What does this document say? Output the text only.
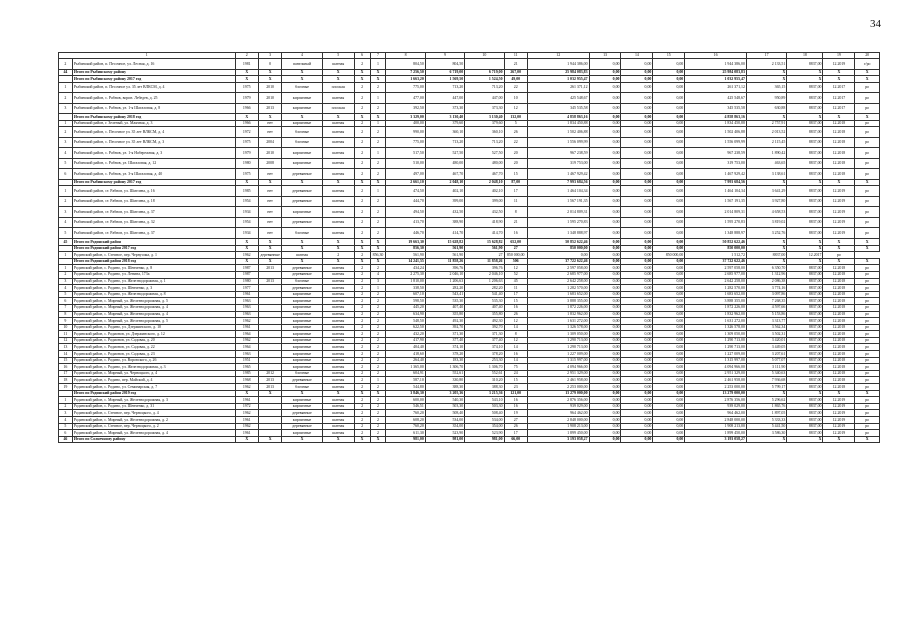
34
1		2	3	4	5	6	7	8	9	10	11	12	13	14	15	16	17	18	19	20
2	Рыбинский район, п. Песочное, ул. Лесная, д. 16	1981	0	панельный	шатная	2	1	804,50	804,50		21	1 944 386,00	0,00	0,00	0,00	1 944 386,00	2 133,51	8837,00	12.2019	г/ро
44	Итого по Рыбинскому району	X	X	X	X	X	X	7 256,50	6 719,00	6 719,00	267,00	25 984 083,83	0,00	0,00	0,00	25 984 083,83	X	X	X	X
	Итого по Рыбинскому району 2017 год	X	X	X	X	X	X	1 663,20	1 569,50	1 524,50	49,00	1 032 955,47	0,00	0,00	0,00	1 032 955,47	X	X	X	X
1	Рыбинский район, п. Песочное ул. 35 лет ВЛКСМ, д. 4	1975	2010	блочные	плоская	2	2	775,00	713,20	713,20	22	261 371,12	0,00	0,00	0,00	261 371,12	365,15	8837,00	12.2017	ро
2	Рыбинский район, с. Рабнов, ворон. Лебедев, д. 25	1979	2010	кирпичные	шатная	2	1	477,00	447,00	447,00	10	425 548,67	0,00	0,00	0,00	425 548,67	950,89	8837,00	12.2017	ро
3	Рыбинский район, с. Рабнов, ул. 1-я Шагаловая, д. 8	1966	2013	кирпичные	плоская	2	2	392,50	373,30	373,30	12	345 535,58	0,00	0,00	0,00	345 535,58	630,88	8837,00	12.2017	ро
	Итого по Рыбинскому району 2018 год	X	X	X	X	X	X	3 329,00	3 130,40	3 130,40	132,00	4 858 863,16	0,00	0,00	0,00	4 858 863,16	X	X	X	X
1	Рыбинский район, г. Зеленый, ул. Маячная, д. 3	1966	нет	кирпичные	шатная	2	1	400,00	379,60	379,60	5	1 834 450,88	0,00	0,00	0,00	1 834 450,88	2 757,91	8837,00	12.2018	ро
2	Рыбинский район, с. Песочное ул. 35 лет ВЛКСМ, д. 4	1972	нет	блочные	шатная	2	2	990,00	360,10	360,10	26	1 502 406,88	0,00	0,00	0,00	1 502 406,88	2 013,52	8837,00	12.2018	ро
3	Рыбинский район, с. Песочное ул. 35 лет ВЛКСМ, д. 3	1975	2004	блочные	шатная	2	2	775,00	713,20	713,20	22	1 556 099,99	0,00	0,00	0,00	1 556 099,99	2 115,45	8837,00	12.2018	ро
4	Рыбинский район, с. Рабнов, ул. 1-я Набережная, д. 3	1979	2010	кирпичные	шатная	2	1	517,50	527,50	527,50	20	967 238,59	0,00	0,00	0,00	967 238,59	1 890,42	8837,00	12.2018	ро
5	Рыбинский район, с. Рабнов, ул. Шагаловая, д. 12	1980	2008	кирпичные	шатная	2	2	510,00	480,00	480,00	20	319 753,00	0,00	0,00	0,00	319 753,00	463,65	8837,00	12.2018	ро
6	Рыбинский район, с. Рабнов, ул. 3-я Шагаловая, д. 40	1975	нет	деревянные	шатная	2	2	497,00	467,70	467,70	15	1 467 929,42	0,00	0,00	0,00	1 467 929,42	3 138,61	8837,00	12.2018	ро
	Итого по Рыбинскому району 2017 год	X	X	X	X	X	X	2 661,10	2 048,10	2 048,10	87,00	7 993 684,56	0,00	0,00	0,00	7 993 684,56	X	X	X	X
1	Рыбинский район, ст. Рабнов, ул. Шмелева, д. 16	1985	нет	деревянные	шатная	2	1	474,50	402,10	402,10	17	1 464 104,34	0,00	0,00	0,00	1 464 104,34	3 641,29	8837,00	12.2019	ро
2	Рыбинский район, ст. Рабнов, ул. Шмелева, д. 18	1954	нет	деревянные	шатная	2	2	444,70	399,00	399,00	11	1 567 191,35	0,00	0,00	0,00	1 567 191,35	3 927,80	8837,00	12.2019	ро
3	Рыбинский район, ст. Рабнов, ул. Шмелева, д. 37	1934	нет	кирпичные	шатная	2	2	494,50	432,50	432,50	8	2 014 809,31	0,00	0,00	0,00	2 014 809,31	4 658,53	8837,00	12.2019	ро
4	Рыбинский район, ст. Рабнов, ул. Шмелева, д. 32	1954	нет	деревянные	шатная	2	2	413,70	388,90	418,90	21	1 595 270,83	0,00	0,00	0,00	1 595 270,83	3 819,02	8837,00	12.2019	ро
5	Рыбинский район, ст. Рабнов, ул. Шмелева, д. 37	1934	нет	блочные	шатная	2	2	446,70	414,70	414,70	16	1 348 888,97	0,00	0,00	0,00	1 348 888,97	3 252,76	8837,00	12.2019	ро
45	Итого по Родинский район	X	X	X	X	X	X	19 663,30	15 628,82	15 628,82	652,00	50 852 622,46	0,00	0,00	0,00	50 852 622,46	X	X	X	X
	Итого по Родинский район 2017 год	X	X	X	X	X	X	856,30	561,90	561,90	27	850 000,00	0,00	0,00	0,00	850 000,00	X	X	X	X
1	Родинский район, с. Степное, пер. Чернусика, д. 1	1962	деревянные	шатная	2	2	856,30	561,90	561,90	27	850 000,00	0,00	0,00	0,00	850 000,00	1 512,72	8837,00	12.2017	ро	
	Итого по Родинский район 2018 год	X	X	X	X	X	X	14 241,55	11 858,26	11 858,26	506	37 722 622,46	0,00	0,00	0,00	37 722 622,46	X	X	X	X
1	Родинский район, с. Родино, ул. Шевченко, д. 8	1987	2013	деревянные	шатная	2	2	434,24	396,76	396,76	12	2 597 058,00	0,00	0,00	0,00	2 597 058,00	6 350,70	8837,00	12.2018	ро
2	Родинский район, с. Родино, ул. Ленина, 173а	1987		деревянные	шатная	2	4	2 275,30	2 046,10	2 046,10	52	2 685 977,00	0,00	0,00	0,00	2 685 977,00	1 312,96	8837,00	12.2018	ро
3	Родинский район, с. Родино, ул. Железнодорожная, д. 1	1980	2013	блочные	шатная	2	3	1 810,00	1 206,63	1 206,63	45	2 642 258,00	0,00	0,00	0,00	2 642 258,00	2 086,38	8837,00	12.2018	ро
4	Родинский район, с. Родино, ул. Шевченко, д. 3	1977		деревянные	шатная	2	1	338,50	282,20	282,20	11	1 282 570,00	0,00	0,00	0,00	1 282 570,00	3 774,16	8837,00	12.2018	ро
5	Родинский район, с. Родино, ул. Железнодорожная, д. 8	1961		кирпичные	шатная	2	2	607,10	543,41	541,40	17	1 683 652,00	0,00	0,00	0,00	1 683 652,00	3 097,86	8837,00	12.2018	ро
6	Родинский район, с. Мирный, ул. Железнодорожная, д. 5	1963		кирпичные	шатная	2	2	598,50	535,30	535,30	15	3 888 355,00	0,00	0,00	0,00	3 888 355,00	7 268,35	8837,00	12.2018	ро
7	Родинский район, с. Мирный, ул. Железнодорожная, д. 4	1963		кирпичные	шатная	2	2	445,20	407,40	407,40	16	1 872 226,00	0,00	0,00	0,00	1 872 226,00	4 597,66	8837,00	12.2018	ро
8	Родинский район, с. Мирный, ул. Железнодорожная, д. 4	1963		кирпичные	шатная	2	2	634,90	355,80	355,80	26	1 832 962,00	0,00	0,00	0,00	1 832 962,00	5 153,86	8837,00	12.2018	ро
9	Родинский район, с. Мирный, ул. Железнодорожная, д. 5	1962		кирпичные	шатная	2	2	548,50	492,30	492,30	12	1 631 272,00	0,00	0,00	0,00	1 631 272,00	3 313,77	8837,00	12.2018	ро
10	Родинский район, с. Родино, ул. Дзержинского, д. 10	1961		кирпичные	шатная	2	2	622,50	392,70	392,70	14	1 326 578,00	0,00	0,00	0,00	1 326 578,00	3 562,34	8837,00	12.2018	ро
11	Родинский район, с. Родионов, ул. Дзержинского, д. 12	1964		кирпичные	шатная	2	2	432,20	371,30	371,30	8	1 309 050,00	0,00	0,00	0,00	1 309 050,00	3 502,31	8837,00	12.2018	ро
12	Родинский район, с. Родионов, ул. Садовая, д. 20	1962		кирпичные	шатная	2	2	417,90	377,40	377,40	12	1 290 713,00	0,00	0,00	0,00	1 290 713,00	3 420,01	8837,00	12.2018	ро
13	Родинский район, с. Родионов, ул. Садовая, д. 22	1964		кирпичные	шатная	2	2	404,40	374,10	374,10	14	1 290 713,00	0,00	0,00	0,00	1 290 713,00	3 449,05	8837,00	12.2018	ро
14	Родинский район, с. Родионов, ул. Садовая, д. 23	1963		кирпичные	шатная	2	2	418,60	378,20	378,20	16	1 227 009,00	0,00	0,00	0,00	1 227 009,00	3 207,61	8837,00	12.2018	ро
15	Родинский район, с. Родино, ул. Воровского, д. 26	1951		кирпичные	шатная	2	2	264,40	183,30	253,30	14	1 315 997,00	0,00	0,00	0,00	1 315 997,00	5 077,07	8837,00	12.2018	ро
16	Родинский район, с. Родино, ул. Железнодорожная, д. 3	1965		кирпичные	шатная	2	2	1 365,00	1 306,70	1 306,70	75	4 094 966,00	0,00	0,00	0,00	4 094 966,00	3 111,90	8837,00	12.2018	ро
17	Родинский район, с. Мирный, ул. Черноцкого, д. 4	1985	2012	блочные	шатная	2	2	604,91	552,61	552,61	24	2 951 329,00	0,00	0,00	0,00	2 951 329,00	5 340,63	8837,00	12.2018	ро
18	Родинский район, с. Родино, пер. Майский, д. 4	1968	2013	деревянные	шатная	2	1	587,10	330,80	310,20	15	2 461 958,00	0,00	0,00	0,00	2 461 958,00	7 936,68	8837,00	12.2018	ро
19	Родинский район, с. Родино, ул. Семинарская, д. 7	1962	2013	блочные	шатная	2	2	544,80	388,30	388,30	23	2 253 000,00	0,00	0,00	0,00	2 253 000,00	5 799,17	8837,00	12.2018	ро
	Итого по Родинский район 2019 год	X	X	X	X	X	X	3 846,30	3 205,36	3 215,36	121,00	13 279 000,00	0,00	0,00	0,00	13 279 000,00	X	X	X	X
1	Родинский район, с. Мирный, ул. Железнодорожная, д. 3	1961		кирпичные	шатная	2	2	600,00	540,30	543,10	16	2 876 356,00	0,00	0,00	0,00	2 876 356,00	5 296,62	8837,00	12.2019	ро
2	Родинский район, с. Родино, ул. Шевченко, д. 31	1972		кирпичные	шатная	2	2	546,51	503,30	503,30	16	939 029,00	0,00	0,00	0,00	939 029,00	1 865,76	8837,00	12.2019	ро
3	Родинский район, с. Степное, пер. Черноцкого, д. 4	1962		деревянные	шатная	2	2	760,20	508,40	508,40	19	964 462,00	0,00	0,00	0,00	964 462,00	1 897,05	8837,00	12.2019	ро
4	Родинский район, с. Мирный, ул. Железнодорожная, д. 2	1961		кирпичные	шатная	2	2	608,20	534,00	534,00	27	2 848 000,00	0,00	0,00	0,00	2 848 000,00	5 333,33	8837,00	12.2019	ро
5	Родинский район, с. Степное, пер. Черноцкого, д. 2	1962		деревянные	шатная	2	2	760,20	354,00	354,00	26	1 908 213,00	0,00	0,00	0,00	1 908 213,00	5 441,50	8837,00	12.2019	ро
6	Родинский район, с. Мирный, ул. Железнодорожная, д. 4	1961		кирпичные	шатная	2	2	611,30	523,90	523,90	17	1 899 450,00	0,00	0,00	0,00	1 899 450,00	3 586,30	8837,00	12.2019	ро
46	Итого по Солнечному району	X	X	X	X	X	X	981,00	981,00	981,00	66,00	3 193 058,27	0,00	0,00	0,00	3 193 058,27	X	X	X	X
